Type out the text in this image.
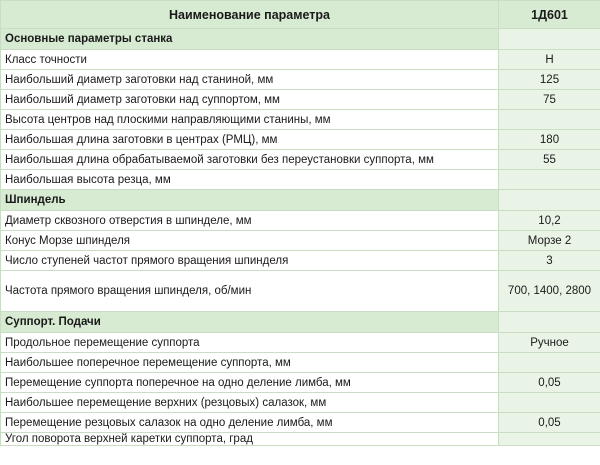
Наименование параметра	1Д601
Основные параметры станка	
Класс точности	Н
Наибольший диаметр заготовки над станиной, мм	125
Наибольший диаметр заготовки над суппортом, мм	75
Высота центров над плоскими направляющими станины, мм	
Наибольшая длина заготовки в центрах (РМЦ), мм	180
Наибольшая длина обрабатываемой заготовки без переустановки суппорта, мм	55
Наибольшая высота резца, мм	
Шпиндель	
Диаметр сквозного отверстия в шпинделе, мм	10,2
Конус Морзе шпинделя	Морзе 2
Число ступеней частот прямого вращения шпинделя	3
Частота прямого вращения шпинделя, об/мин	700, 1400, 2800
Суппорт. Подачи	
Продольное перемещение суппорта	Ручное
Наибольшее поперечное перемещение суппорта, мм	
Перемещение суппорта поперечное на одно деление лимба, мм	0,05
Наибольшее перемещение верхних (резцовых) салазок, мм	
Перемещение резцовых салазок на одно деление лимба, мм	0,05
Угол поворота верхней каретки суппорта, град	
